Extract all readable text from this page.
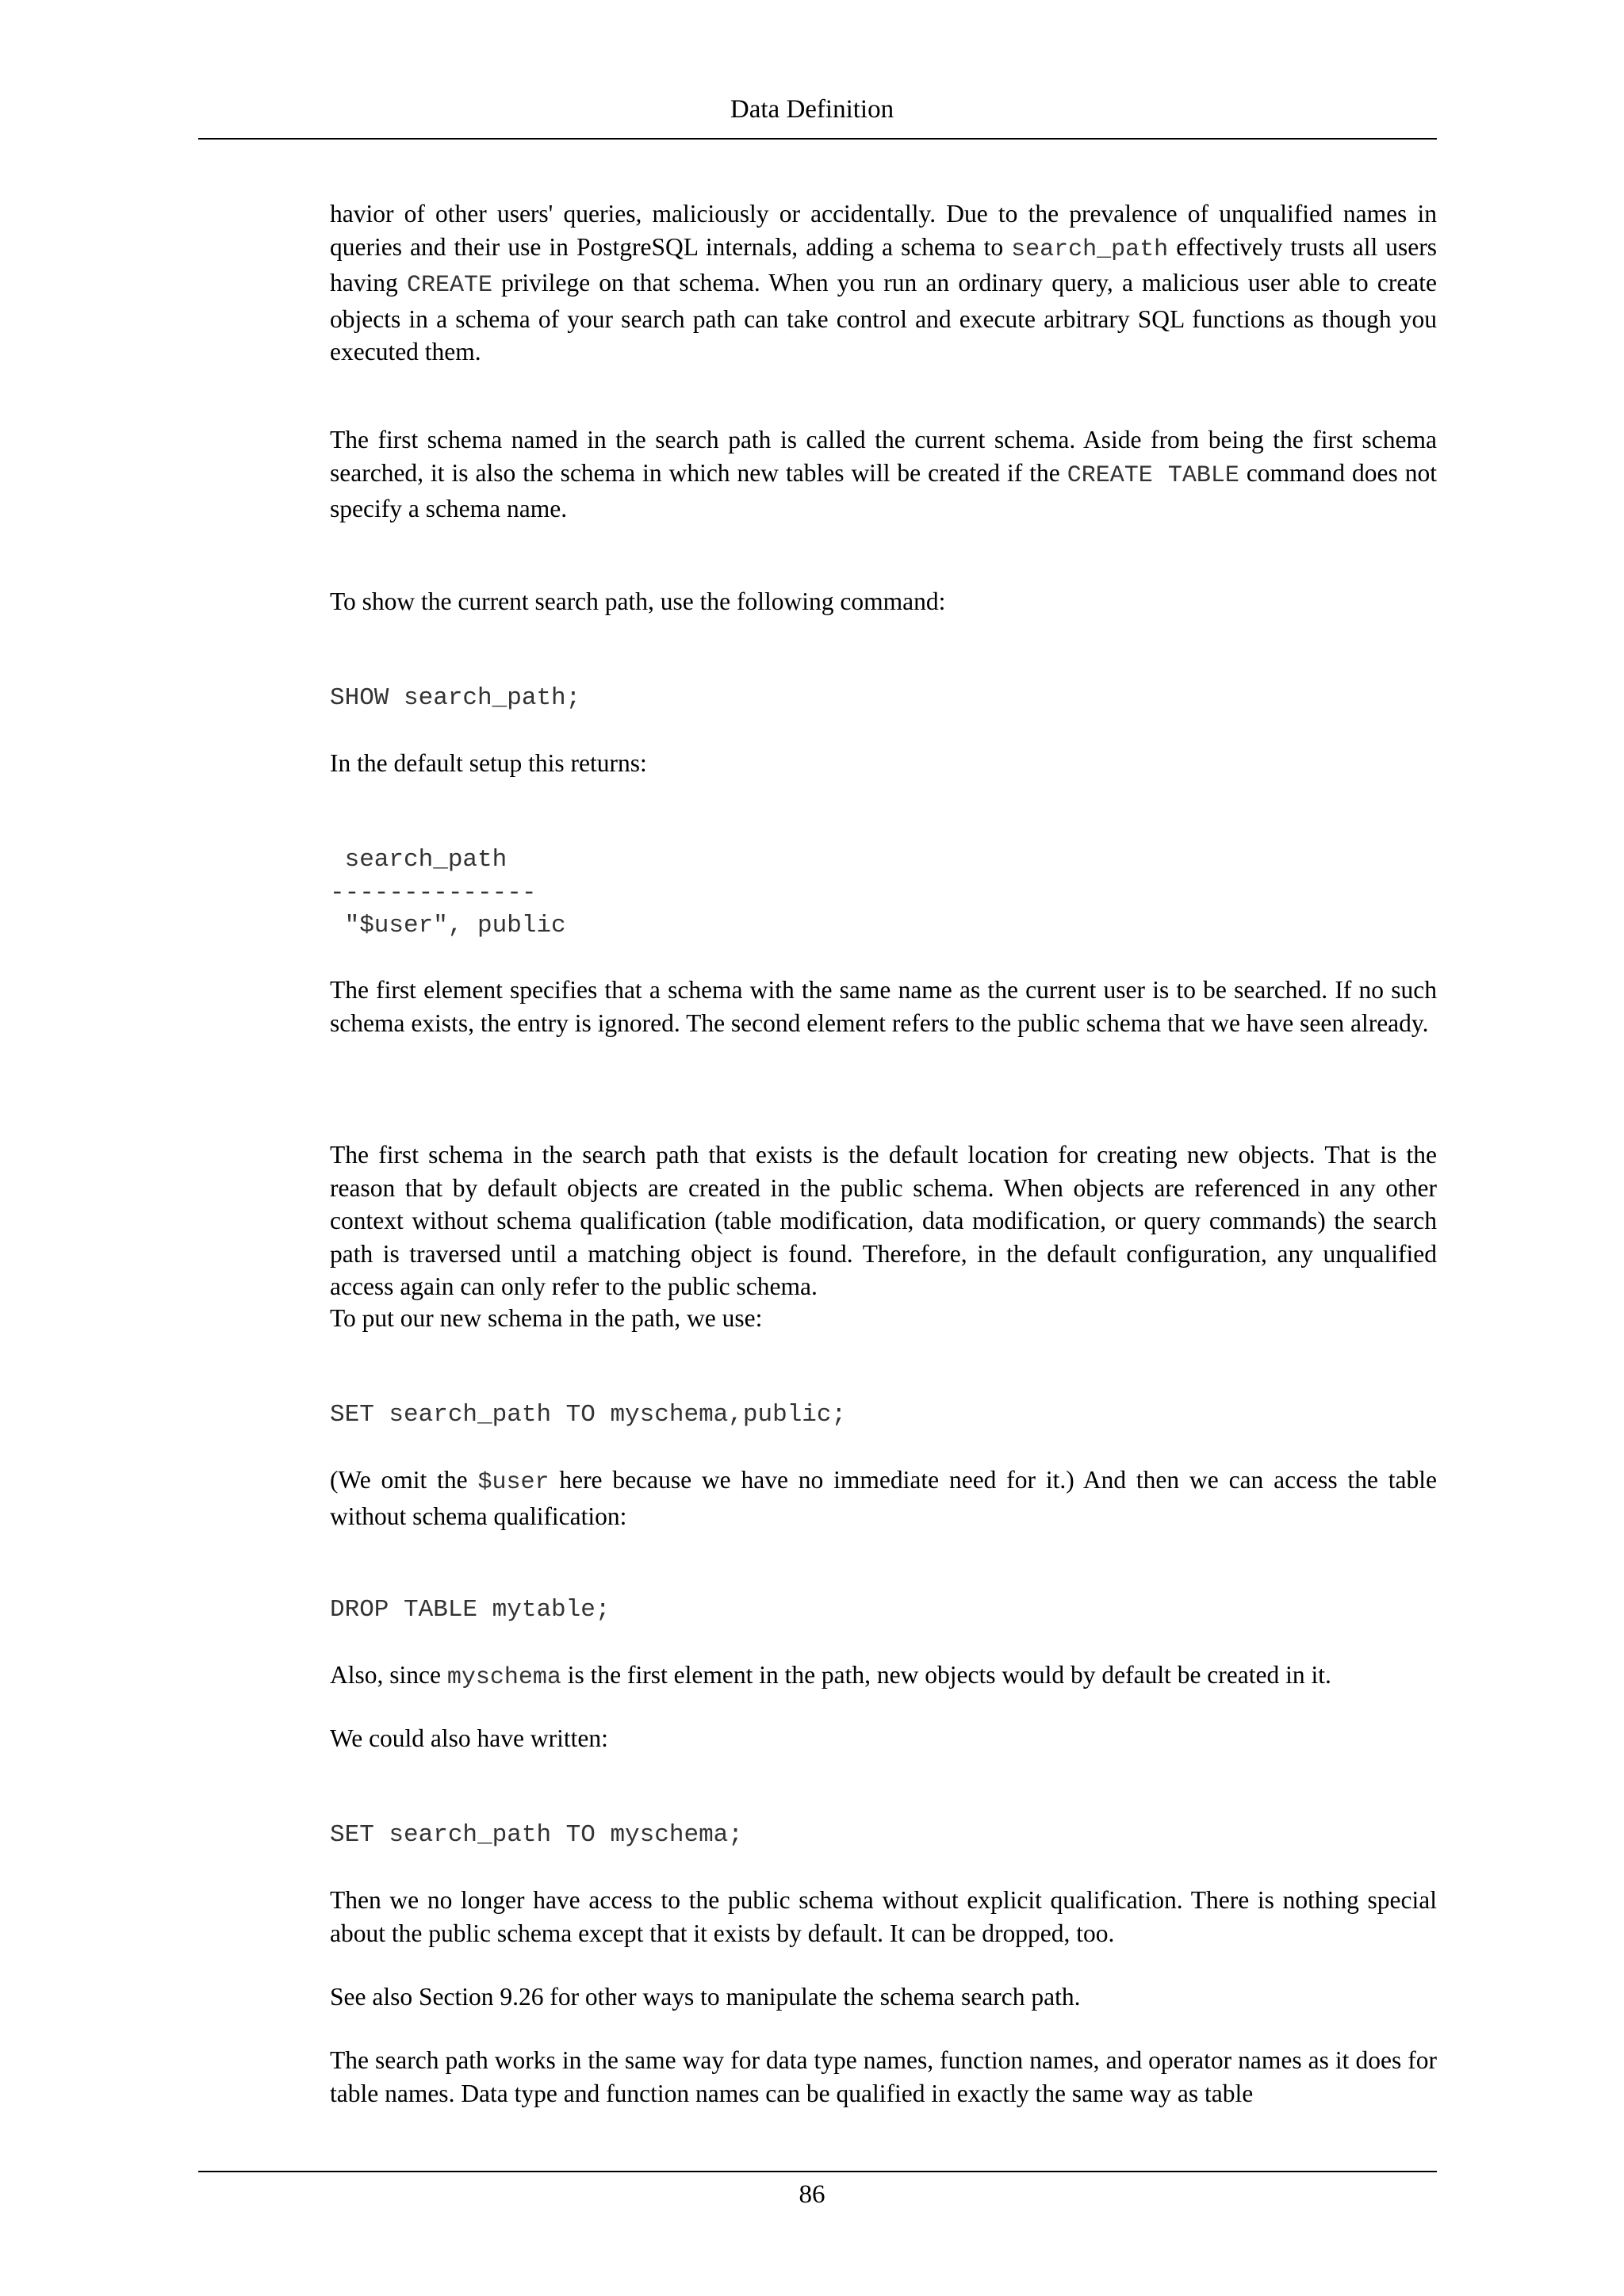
Data Definition

havior of other users' queries, maliciously or accidentally. Due to the prevalence of unqualified names in queries and their use in PostgreSQL internals, adding a schema to search_path effectively trusts all users having CREATE privilege on that schema. When you run an ordinary query, a malicious user able to create objects in a schema of your search path can take control and execute arbitrary SQL functions as though you executed them.

The first schema named in the search path is called the current schema. Aside from being the first schema searched, it is also the schema in which new tables will be created if the CREATE TABLE command does not specify a schema name.

To show the current search path, use the following command:

SHOW search_path;

In the default setup this returns:

search_path
--------------
"$user", public

The first element specifies that a schema with the same name as the current user is to be searched. If no such schema exists, the entry is ignored. The second element refers to the public schema that we have seen already.

The first schema in the search path that exists is the default location for creating new objects. That is the reason that by default objects are created in the public schema. When objects are referenced in any other context without schema qualification (table modification, data modification, or query commands) the search path is traversed until a matching object is found. Therefore, in the default configuration, any unqualified access again can only refer to the public schema.

To put our new schema in the path, we use:

SET search_path TO myschema,public;

(We omit the $user here because we have no immediate need for it.) And then we can access the table without schema qualification:

DROP TABLE mytable;

Also, since myschema is the first element in the path, new objects would by default be created in it.

We could also have written:

SET search_path TO myschema;

Then we no longer have access to the public schema without explicit qualification. There is nothing special about the public schema except that it exists by default. It can be dropped, too.

See also Section 9.26 for other ways to manipulate the schema search path.

The search path works in the same way for data type names, function names, and operator names as it does for table names. Data type and function names can be qualified in exactly the same way as table

86
